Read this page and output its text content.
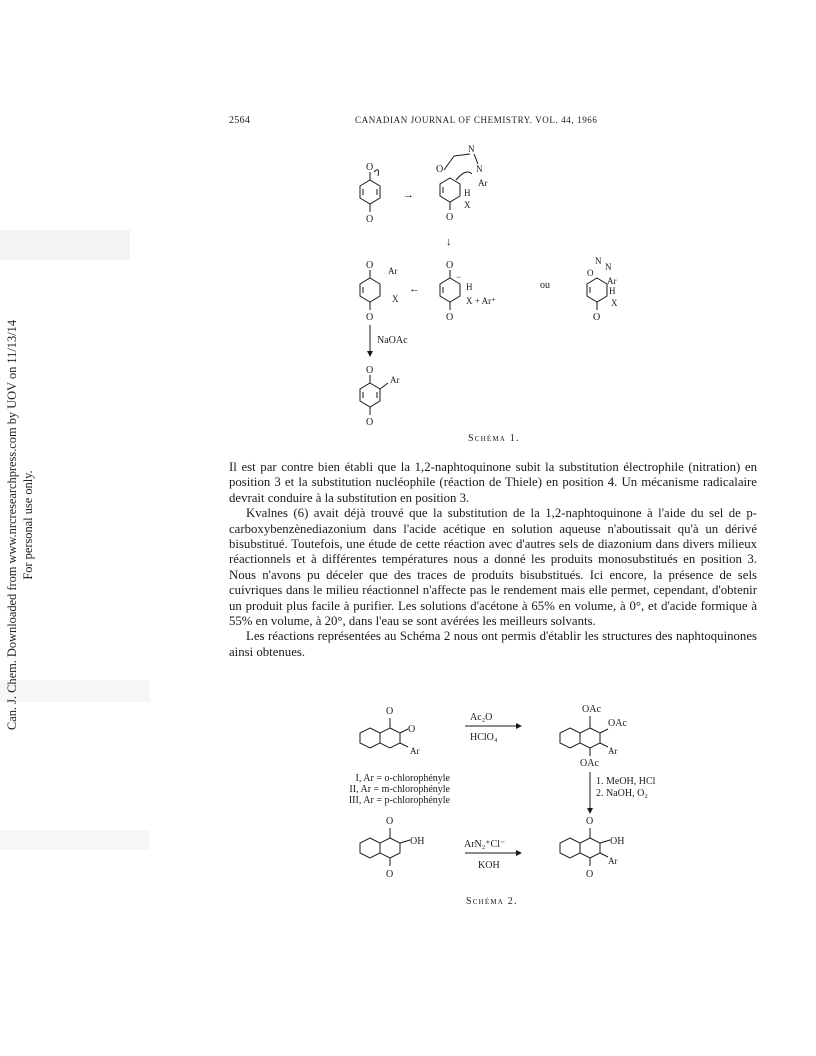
Can. J. Chem. Downloaded from www.nrcresearchpress.com by UOV on 11/13/14 For personal use only.
2564	CANADIAN JOURNAL OF CHEMISTRY. VOL. 44, 1966
O
O
→
O
N
N
Ar
H
X
O
↓
O Ar
X
O
←
O
−
H
X + Ar⁺
O
ou
O
N
N
Ar
H
X
O
NaOAc
O
Ar
O
Schéma 1.

Il est par contre bien établi que la 1,2-naphtoquinone subit la substitution électrophile (nitration) en position 3 et la substitution nucléophile (réaction de Thiele) en position 4. Un mécanisme radicalaire devrait conduire à la substitution en position 3.

Kvalnes (6) avait déjà trouvé que la substitution de la 1,2-naphtoquinone à l'aide du sel de p-carboxybenzènediazonium dans l'acide acétique en solution aqueuse n'aboutissait qu'à un dérivé bisubstitué. Toutefois, une étude de cette réaction avec d'autres sels de diazonium dans divers milieux réactionnels et à différentes températures nous a donné les produits monosubstitués en position 3. Nous n'avons pu déceler que des traces de produits bisubstitués. Ici encore, la présence de sels cuivriques dans le milieu réactionnel n'affecte pas le rendement mais elle permet, cependant, d'obtenir un produit plus facile à purifier. Les solutions d'acétone à 65% en volume, à 0°, et d'acide formique à 55% en volume, à 20°, dans l'eau se sont avérées les meilleurs solvants.

Les réactions représentées au Schéma 2 nous ont permis d'établir les structures des naphtoquinones ainsi obtenues.

O
O
Ar
Ac₂O
HClO₄
OAc
OAc
Ar
OAc
1. MeOH, HCl
2. NaOH, O₂
O
OH
O
ArN₂⁺Cl⁻
KOH
O
OH
Ar
O
I, Ar = o-chlorophényle
II, Ar = m-chlorophényle
III, Ar = p-chlorophényle
Schéma 2.
